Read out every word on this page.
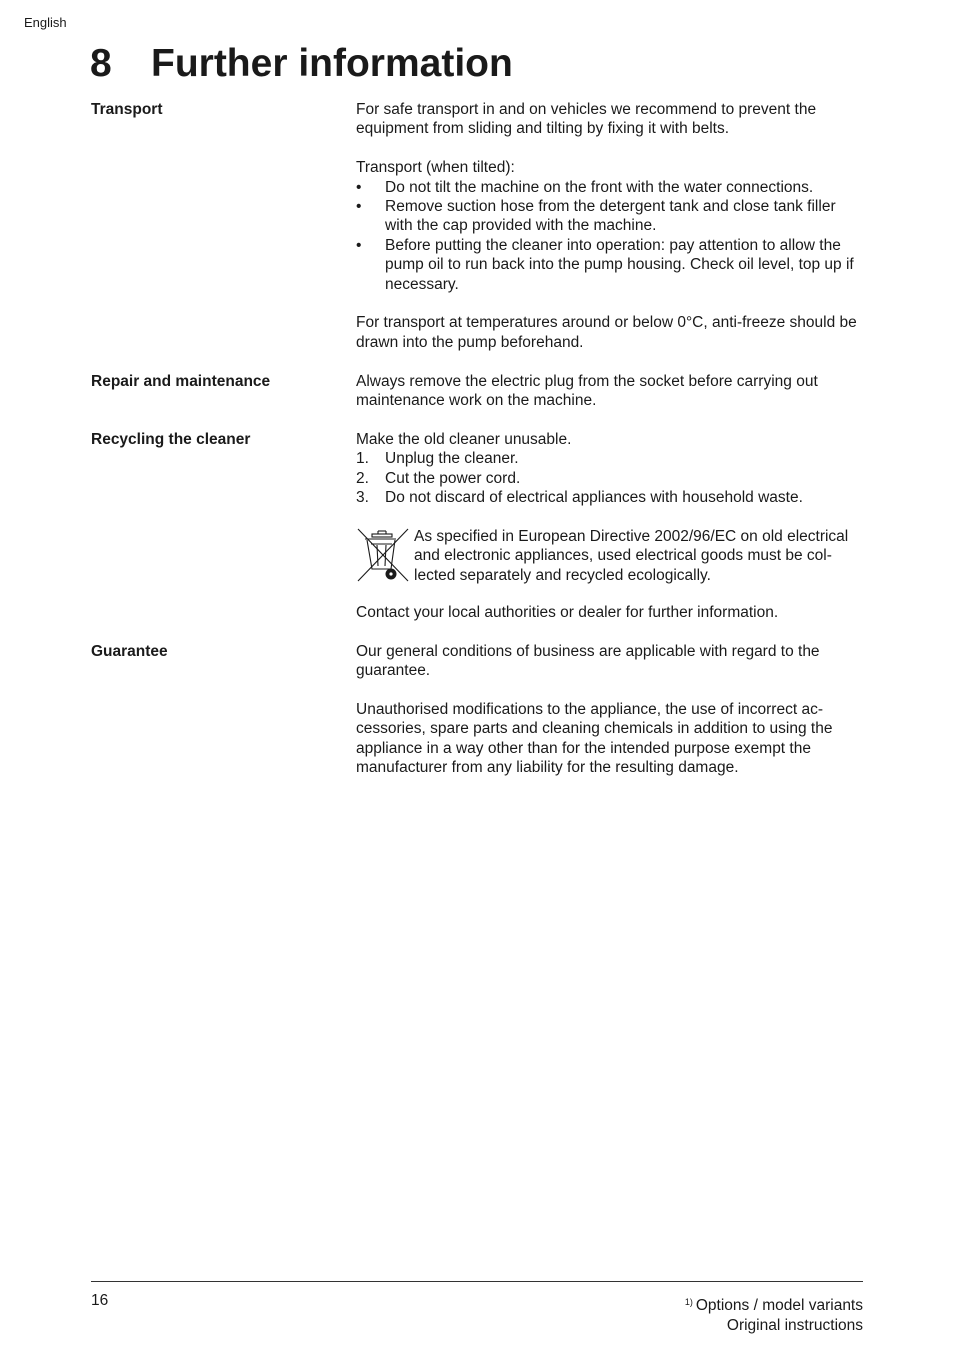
English
8 Further information
Transport	For safe transport in and on vehicles we recommend to prevent the equipment from sliding and tilting by fixing it with belts.

Transport (when tilted):

•	Do not tilt the machine on the front with the water connections.
•	Remove suction hose from the detergent tank and close tank filler with the cap provided with the machine.
•	Before putting the cleaner into operation: pay attention to allow the pump oil to run back into the pump housing. Check oil level, top up if necessary.

For transport at temperatures around or below 0°C, anti-freeze should be drawn into the pump beforehand.

Repair and maintenance	Always remove the electric plug from the socket before carrying out maintenance work on the machine.

Recycling the cleaner	Make the old cleaner unusable.

1.	Unplug the cleaner.
2.	Cut the power cord.
3.	Do not discard of electrical appliances with household waste.

As specified in European Directive 2002/96/EC on old electrical and electronic appliances, used electrical goods must be col-lected separately and recycled ecologically.

Contact your local authorities or dealer for further information.

Guarantee	Our general conditions of business are applicable with regard to the guarantee.

Unauthorised modifications to the appliance, the use of incorrect ac-cessories, spare parts and cleaning chemicals in addition to using the appliance in a way other than for the intended purpose exempt the manufacturer from any liability for the resulting damage.

16	$^{1)}$ Options / model variants
Original instructions
